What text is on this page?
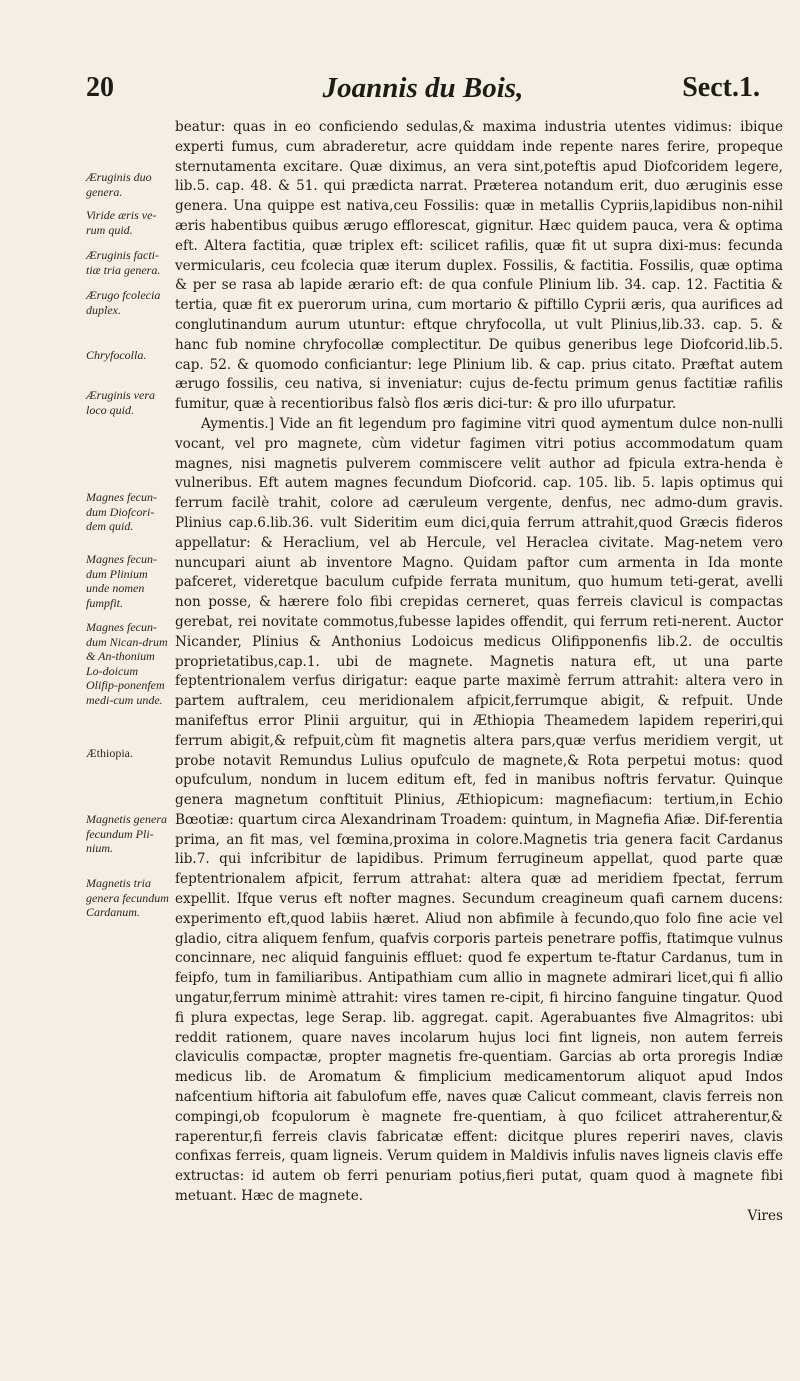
20	Joannis du Bois,	Sect.1.
Æruginis duo genera.
Viride æris ve-rum quid.
Æruginis facti-tiæ tria genera.
Ærugo fcolecia duplex.
Chryfocolla.
Æruginis vera loco quid.
Magnes fecun-dum Diofcori-dem quid.
Magnes fecun-dum Plinium unde nomen fumpfit.
Magnes fecun-dum Nican-drum & An-thonium Lo-doicum Olifip-ponenfem medi-cum unde.
Æthiopia.
Magnetis genera fecundum Pli-nium.
Magnetis tria genera fecundum Cardanum.

beatur: quas in eo conficiendo sedulas,& maxima industria utentes vidimus: ibique experti fumus, cum abraderetur, acre quiddam inde repente nares ferire, propeque sternutamenta excitare. Quæ diximus, an vera sint,poteftis apud Diofcoridem legere, lib.5. cap. 48. & 51. qui prædicta narrat. Præterea notandum erit, duo æruginis esse genera. Una quippe est nativa,ceu Fossilis: quæ in metallis Cypriis,lapidibus non-nihil æris habentibus quibus ærugo efflorescat, gignitur. Hæc quidem pauca, vera & optima eft. Altera factitia, quæ triplex eft: scilicet rafilis, quæ fit ut supra dixi-mus: fecunda vermicularis, ceu fcolecia quæ iterum duplex. Fossilis, & factitia. Fossilis, quæ optima & per se rasa ab lapide ærario eft: de qua confule Plinium lib. 34. cap. 12. Factitia & tertia, quæ fit ex puerorum urina, cum mortario & piftillo Cyprii æris, qua aurifices ad conglutinandum aurum utuntur: eftque chryfocolla, ut vult Plinius,lib.33. cap. 5. & hanc fub nomine chryfocollæ complectitur. De quibus generibus lege Diofcorid.lib.5. cap. 52. & quomodo conficiantur: lege Plinium lib. & cap. prius citato. Præftat autem ærugo fossilis, ceu nativa, si inveniatur: cujus de-fectu primum genus factitiæ rafilis fumitur, quæ à recentioribus falsò flos æris dici-tur: & pro illo ufurpatur.

Aymentis.] Vide an fit legendum pro fagimine vitri quod aymentum dulce non-nulli vocant, vel pro magnete, cùm videtur fagimen vitri potius accommodatum quam magnes, nisi magnetis pulverem commiscere velit author ad fpicula extra-henda è vulneribus. Eft autem magnes fecundum Diofcorid. cap. 105. lib. 5. lapis optimus qui ferrum facilè trahit, colore ad cæruleum vergente, denfus, nec admo-dum gravis. Plinius cap.6.lib.36. vult Sideritim eum dici,quia ferrum attrahit,quod Græcis fideros appellatur: & Heraclium, vel ab Hercule, vel Heraclea civitate. Mag-netem vero nuncupari aiunt ab inventore Magno. Quidam paftor cum armenta in Ida monte pafceret, videretque baculum cufpide ferrata munitum, quo humum teti-gerat, avelli non posse, & hærere folo fibi crepidas cerneret, quas ferreis clavicul is compactas gerebat, rei novitate commotus,fubesse lapides offendit, qui ferrum reti-nerent. Auctor Nicander, Plinius & Anthonius Lodoicus medicus Olifipponenfis lib.2. de occultis proprietatibus,cap.1. ubi de magnete. Magnetis natura eft, ut una parte feptentrionalem verfus dirigatur: eaque parte maximè ferrum attrahit: altera vero in partem auftralem, ceu meridionalem afpicit,ferrumque abigit, & refpuit. Unde manifeftus error Plinii arguitur, qui in Æthiopia Theamedem lapidem reperiri,qui ferrum abigit,& refpuit,cùm fit magnetis altera pars,quæ verfus meridiem vergit, ut probe notavit Remundus Lulius opufculo de magnete,& Rota perpetui motus: quod opufculum, nondum in lucem editum eft, fed in manibus noftris fervatur. Quinque genera magnetum conftituit Plinius, Æthiopicum: magnefiacum: tertium,in Echio Bœotiæ: quartum circa Alexandrinam Troadem: quintum, in Magnefia Afiæ. Dif-ferentia prima, an fit mas, vel fœmina,proxima in colore.Magnetis tria genera facit Cardanus lib.7. qui infcribitur de lapidibus. Primum ferrugineum appellat, quod parte quæ feptentrionalem afpicit, ferrum attrahat: altera quæ ad meridiem fpectat, ferrum expellit. Ifque verus eft nofter magnes. Secundum creagineum quafi carnem ducens: experimento eft,quod labiis hæret. Aliud non abfimile à fecundo,quo folo fine acie vel gladio, citra aliquem fenfum, quafvis corporis parteis penetrare poffis, ftatimque vulnus concinnare, nec aliquid fanguinis effluet: quod fe expertum te-ftatur Cardanus, tum in feipfo, tum in familiaribus. Antipathiam cum allio in magnete admirari licet,qui fi allio ungatur,ferrum minimè attrahit: vires tamen re-cipit, fi hircino fanguine tingatur. Quod fi plura expectas, lege Serap. lib. aggregat. capit. Agerabuantes five Almagritos: ubi reddit rationem, quare naves incolarum hujus loci fint ligneis, non autem ferreis claviculis compactæ, propter magnetis fre-quentiam. Garcias ab orta proregis Indiæ medicus lib. de Aromatum & fimplicium medicamentorum aliquot apud Indos nafcentium hiftoria ait fabulofum effe, naves quæ Calicut commeant, clavis ferreis non compingi,ob fcopulorum è magnete fre-quentiam, à quo fcilicet attraherentur,& raperentur,fi ferreis clavis fabricatæ effent: dicitque plures reperiri naves, clavis confixas ferreis, quam ligneis. Verum quidem in Maldivis infulis naves ligneis clavis effe extructas: id autem ob ferri penuriam potius,fieri putat, quam quod à magnete fibi metuant. Hæc de magnete.

Vires
